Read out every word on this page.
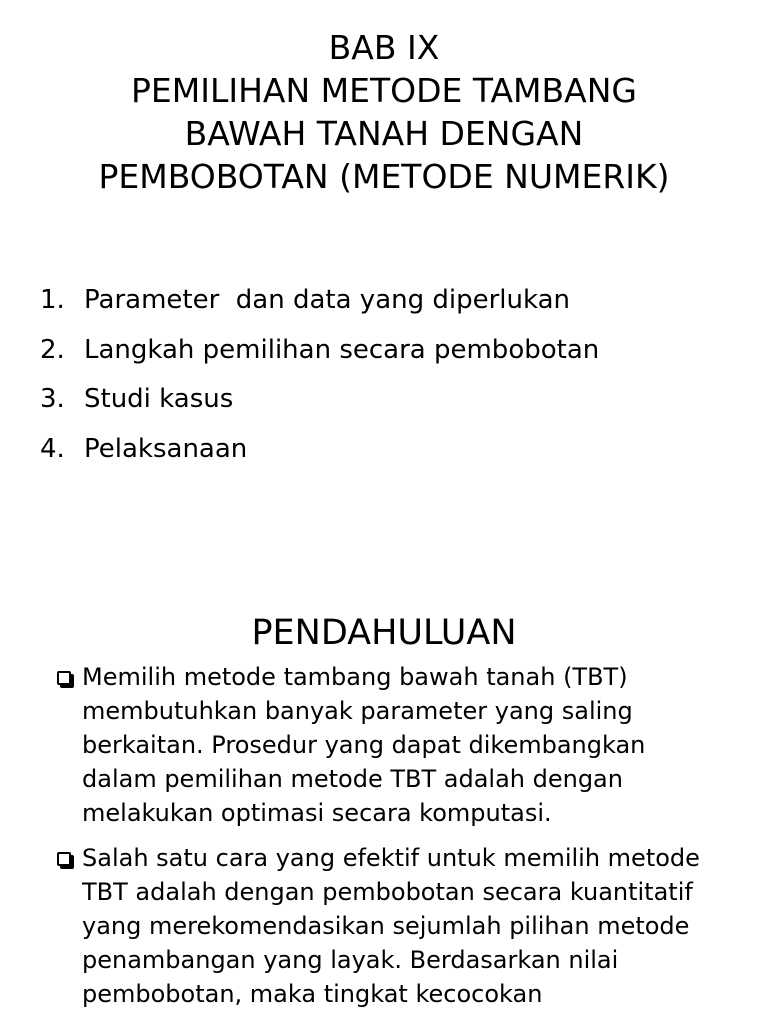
BAB IX
PEMILIHAN METODE TAMBANG
BAWAH TANAH DENGAN
PEMBOBOTAN (METODE NUMERIK)
1. Parameter  dan data yang diperlukan
2. Langkah pemilihan secara pembobotan
3. Studi kasus
4. Pelaksanaan
PENDAHULUAN
Memilih metode tambang bawah tanah (TBT)
membutuhkan banyak parameter yang saling
berkaitan. Prosedur yang dapat dikembangkan
dalam pemilihan metode TBT adalah dengan
melakukan optimasi secara komputasi.
Salah satu cara yang efektif untuk memilih metode
TBT adalah dengan pembobotan secara kuantitatif
yang merekomendasikan sejumlah pilihan metode
penambangan yang layak. Berdasarkan nilai
pembobotan, maka tingkat kecocokan
